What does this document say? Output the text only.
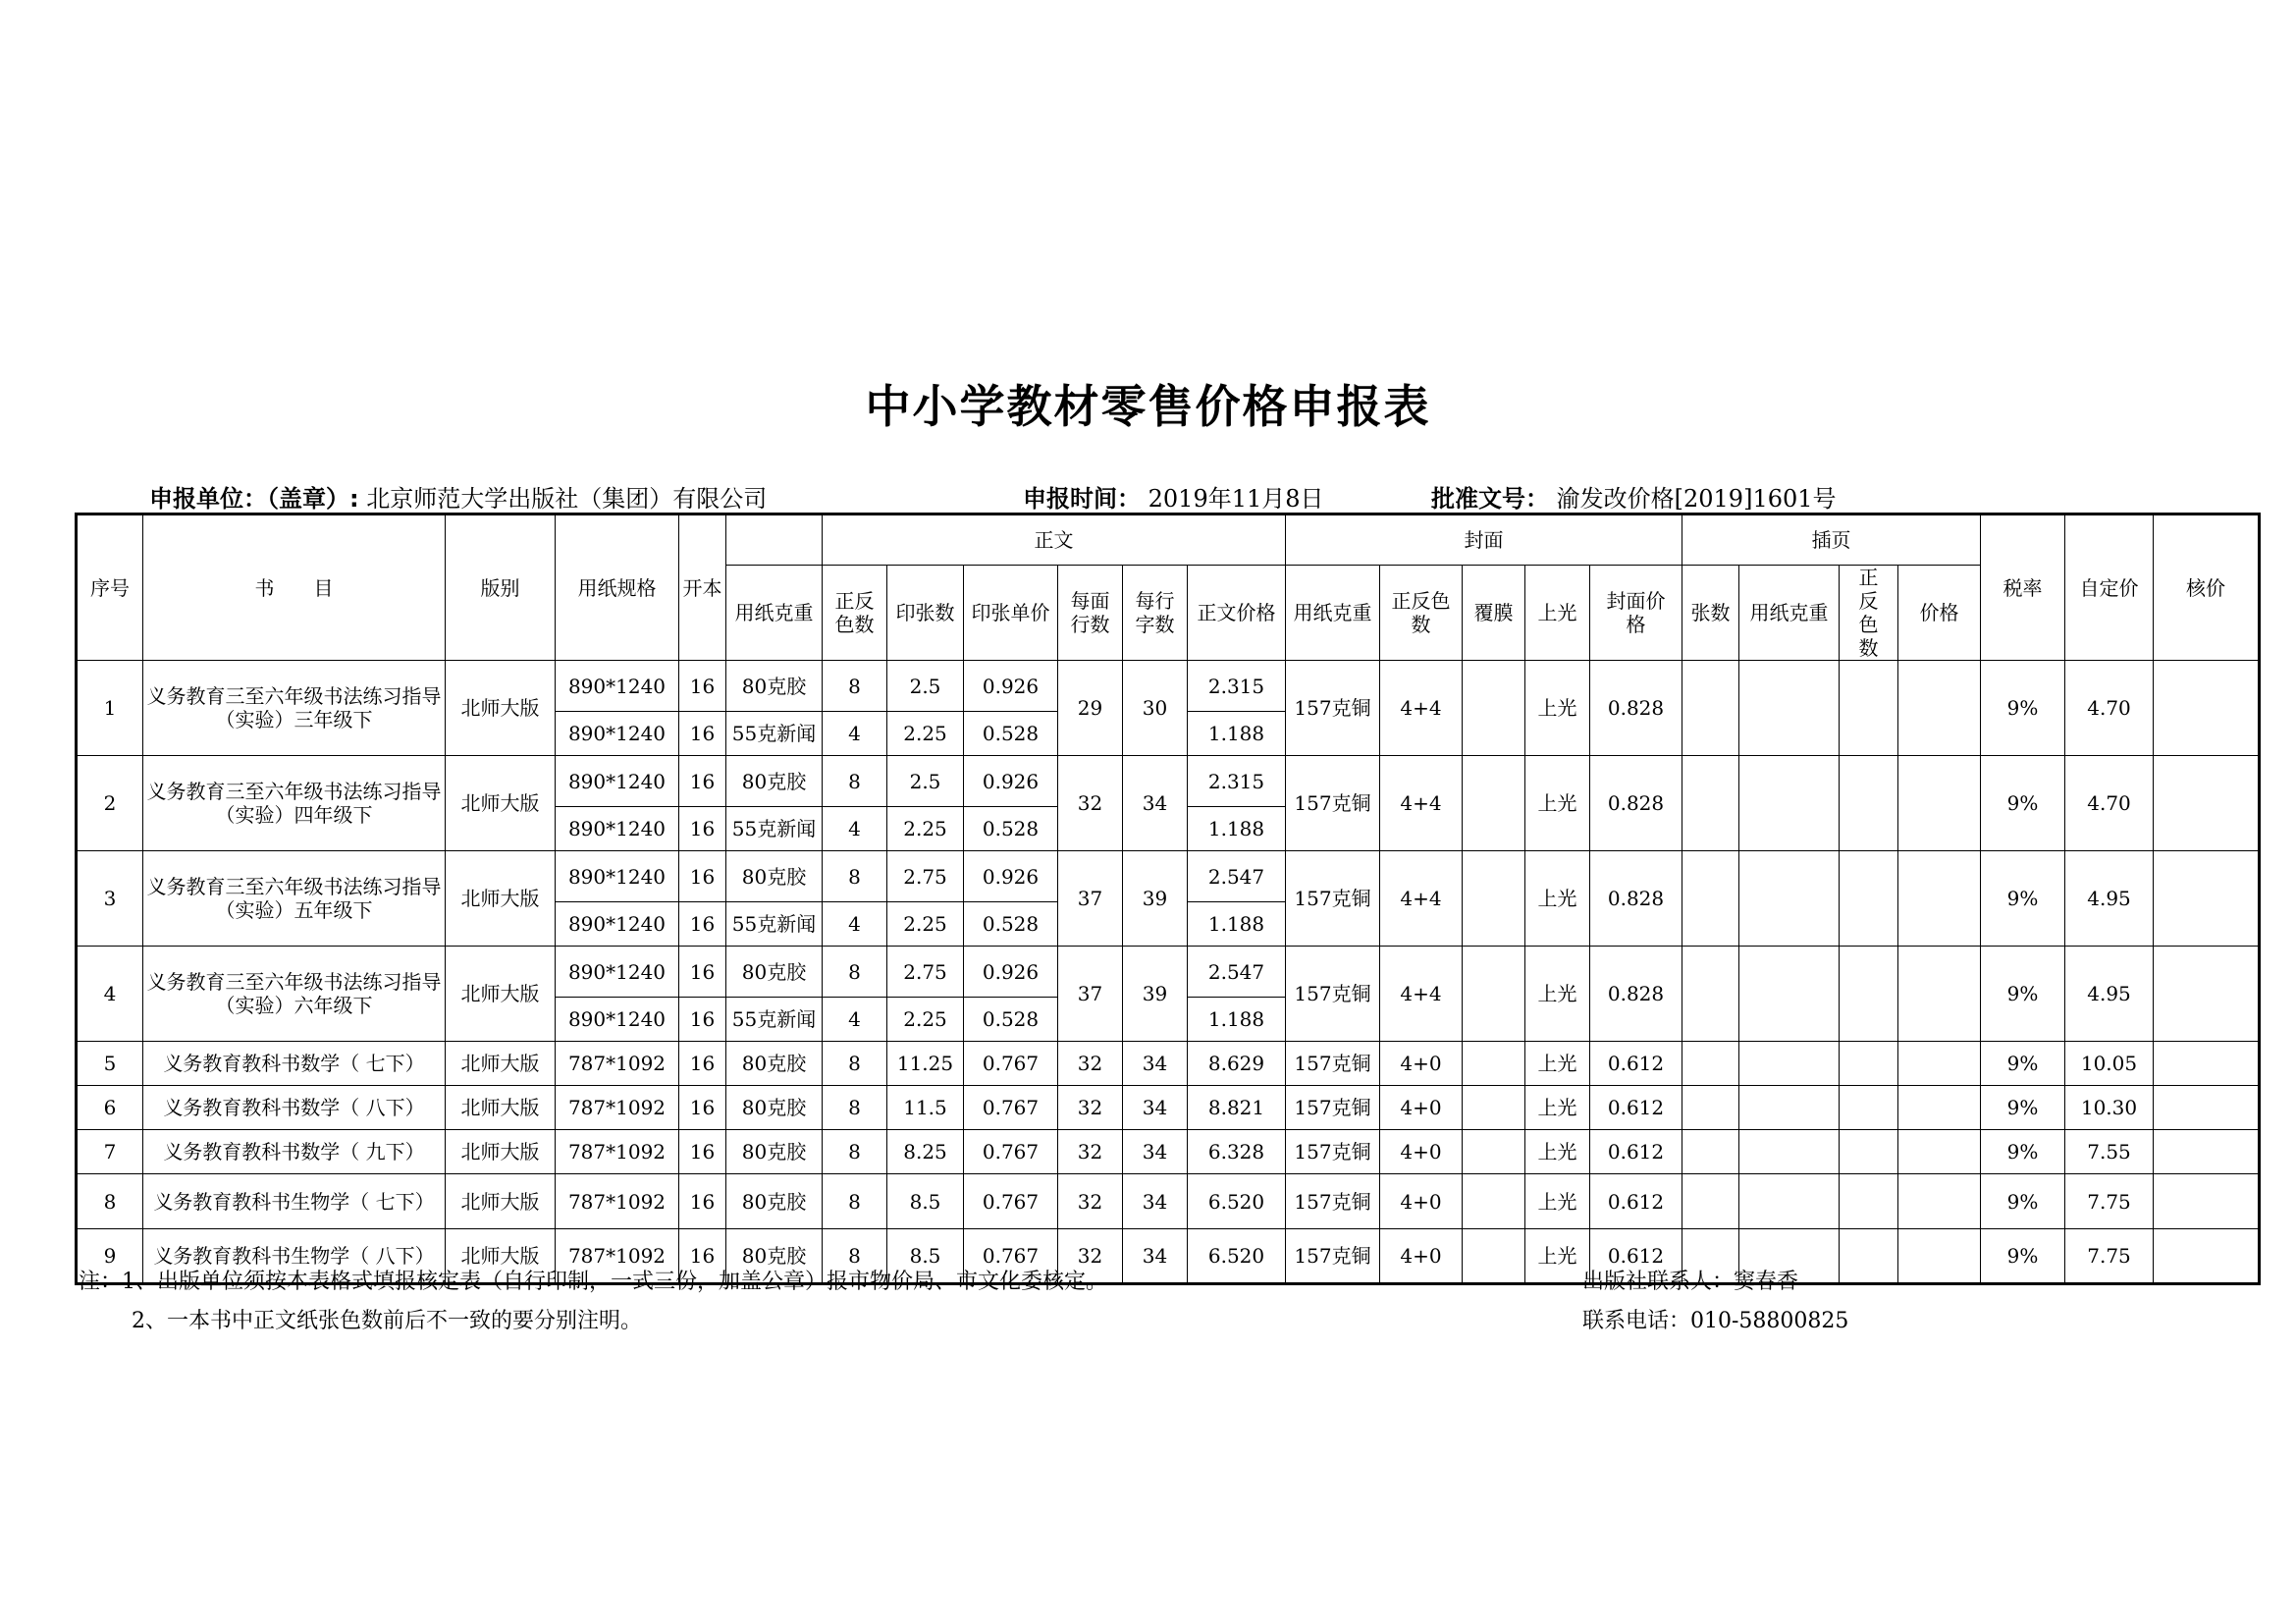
中小学教材零售价格申报表
申报单位：（盖章）: 北京师范大学出版社（集团）有限公司	申报时间： 2019年11月8日	批准文号： 渝发改价格[2019]1601号
序号	书　　目	版别	用纸规格	开本		正文						封面					插页				税率	自定价	核价
					用纸克重	正反色数	印张数	印张单价	每面行数	每行字数	正文价格	用纸克重	正反色数	覆膜	上光	封面价格	张数	用纸克重	正反色数	价格			
1	义务教育三至六年级书法练习指导（实验）三年级下	北师大版	890*1240	16	80克胶	8	2.5	0.926	29	30	2.315	157克铜	4+4		上光	0.828					9%	4.70	
			890*1240	16	55克新闻	4	2.25	0.528			1.188												
2	义务教育三至六年级书法练习指导（实验）四年级下	北师大版	890*1240	16	80克胶	8	2.5	0.926	32	34	2.315	157克铜	4+4		上光	0.828					9%	4.70	
			890*1240	16	55克新闻	4	2.25	0.528			1.188												
3	义务教育三至六年级书法练习指导（实验）五年级下	北师大版	890*1240	16	80克胶	8	2.75	0.926	37	39	2.547	157克铜	4+4		上光	0.828					9%	4.95	
			890*1240	16	55克新闻	4	2.25	0.528			1.188												
4	义务教育三至六年级书法练习指导（实验）六年级下	北师大版	890*1240	16	80克胶	8	2.75	0.926	37	39	2.547	157克铜	4+4		上光	0.828					9%	4.95	
			890*1240	16	55克新闻	4	2.25	0.528			1.188												
5	义务教育教科书数学（ 七下）	北师大版	787*1092	16	80克胶	8	11.25	0.767	32	34	8.629	157克铜	4+0		上光	0.612					9%	10.05	
6	义务教育教科书数学（ 八下）	北师大版	787*1092	16	80克胶	8	11.5	0.767	32	34	8.821	157克铜	4+0		上光	0.612					9%	10.30	
7	义务教育教科书数学（ 九下）	北师大版	787*1092	16	80克胶	8	8.25	0.767	32	34	6.328	157克铜	4+0		上光	0.612					9%	7.55	
8	义务教育教科书生物学（ 七下）	北师大版	787*1092	16	80克胶	8	8.5	0.767	32	34	6.520	157克铜	4+0		上光	0.612					9%	7.75	
9	义务教育教科书生物学（ 八下）	北师大版	787*1092	16	80克胶	8	8.5	0.767	32	34	6.520	157克铜	4+0		上光	0.612					9%	7.75	
注：1、出版单位须按本表格式填报核定表（自行印制，一式三份，加盖公章）报市物价局、市文化委核定。
2、一本书中正文纸张色数前后不一致的要分别注明。
出版社联系人：窦春香
联系电话：010-58800825
